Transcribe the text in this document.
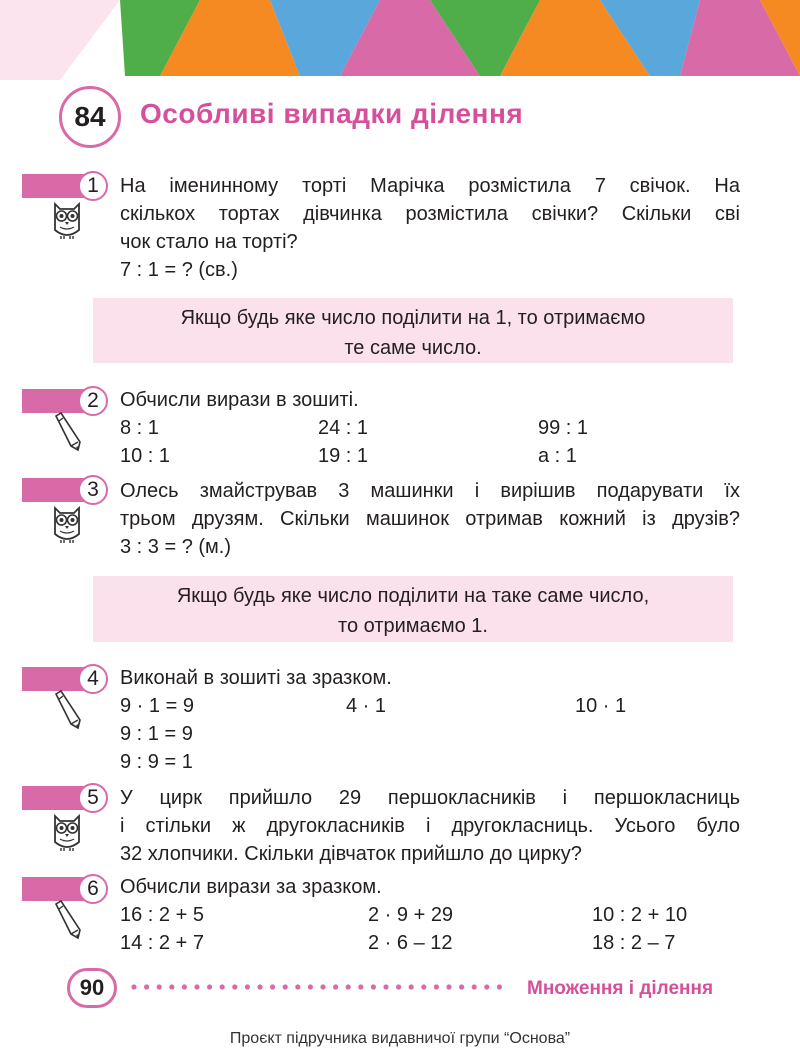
84	Особливі випадки ділення
1	На іменинному торті Марічка розмістила 7 свічок. На
скількох тортах дівчинка розмістила свічки? Скільки сві
чок стало на торті?
7 : 1 = ? (св.)
Якщо будь яке число поділити на 1, то отримаємо
те саме число.
2	Обчисли вирази в зошиті.
8 : 1	24 : 1	99 : 1
10 : 1	19 : 1	a : 1
3	Олесь змайстрував 3 машинки і вирішив подарувати їх
трьом друзям. Скільки машинок отримав кожний із друзів?
3 : 3 = ? (м.)
Якщо будь яке число поділити на таке саме число,
то отримаємо 1.
4	Виконай в зошиті за зразком.
9 · 1 = 9	4 · 1	10 · 1
9 : 1 = 9
9 : 9 = 1
5	У цирк прийшло 29 першокласників і першокласниць
і стільки ж другокласників і другокласниць. Усього було
32 хлопчики. Скільки дівчаток прийшло до цирку?
6	Обчисли вирази за зразком.
16 : 2 + 5	2 · 9 + 29	10 : 2 + 10
14 : 2 + 7	2 · 6 – 12	18 : 2 – 7
90	Множення і ділення
Проєкт підручника видавничої групи “Основа”
